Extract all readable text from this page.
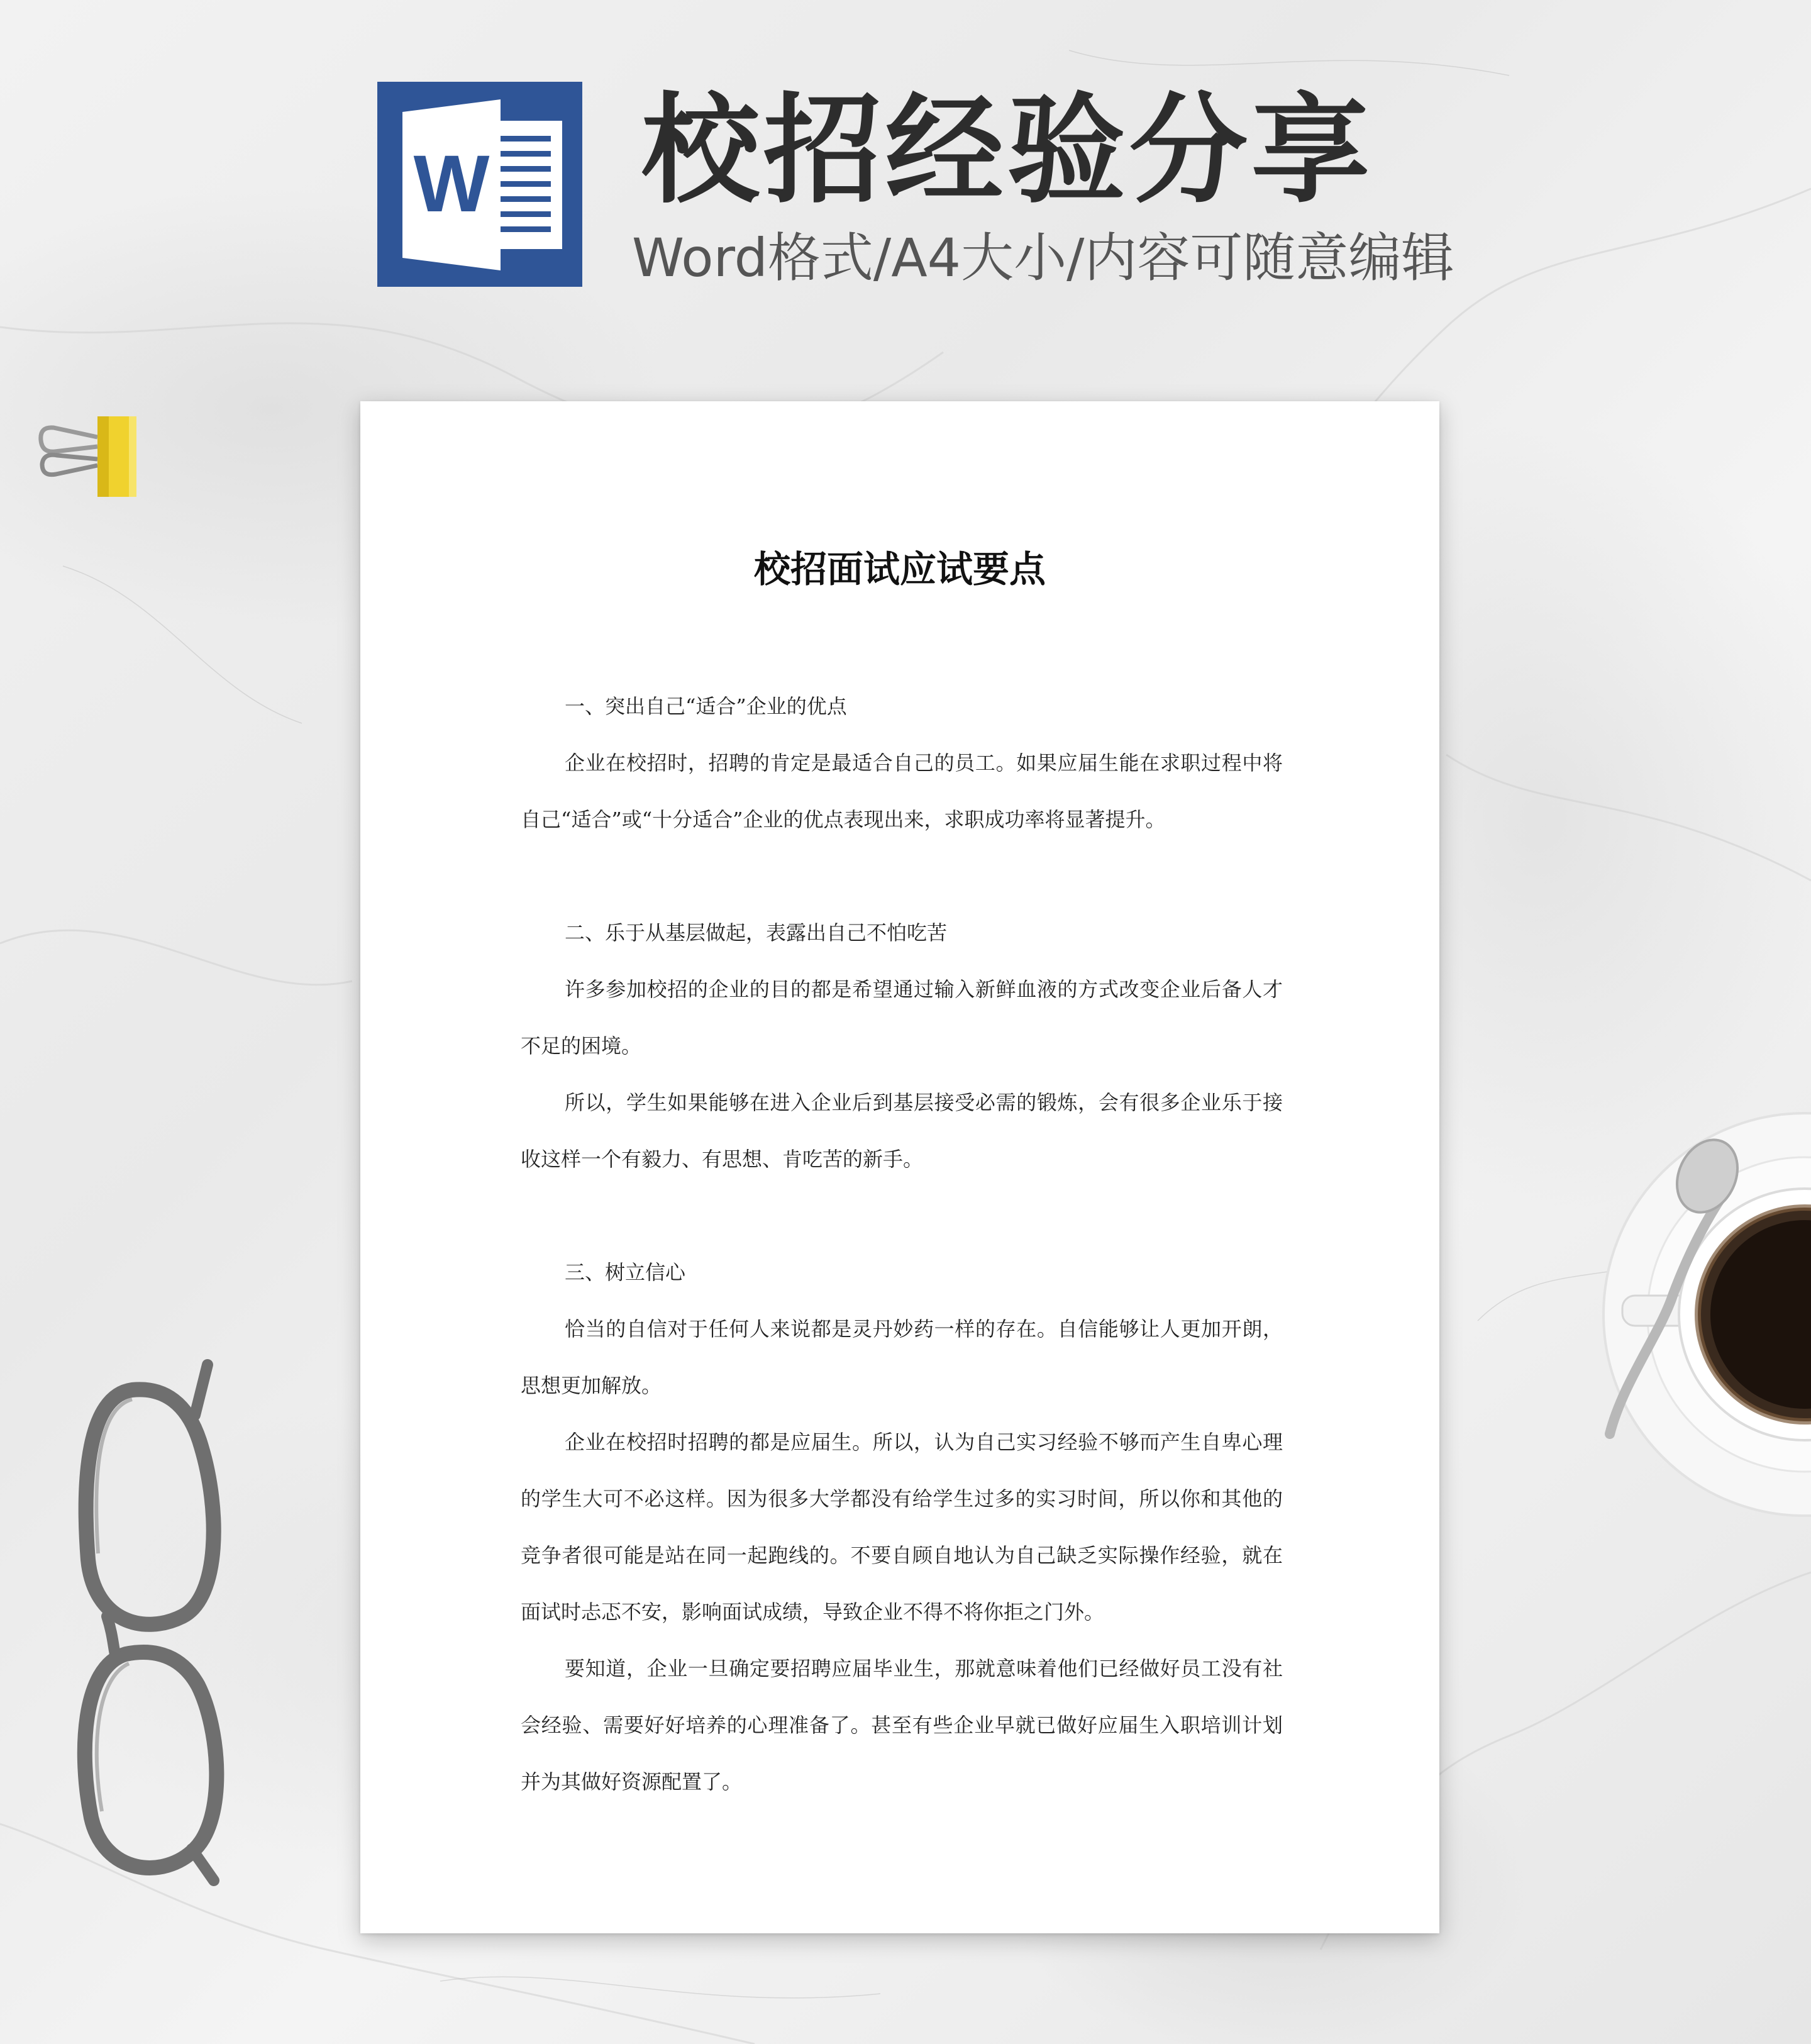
W 校招经验分享

Word格式/A4大小/内容可随意编辑

校招面试应试要点

一、突出自己“适合”企业的优点

企业在校招时，招聘的肯定是最适合自己的员工。如果应届生能在求职过程中将自己“适合”或“十分适合”企业的优点表现出来，求职成功率将显著提升。

二、乐于从基层做起，表露出自己不怕吃苦

许多参加校招的企业的目的都是希望通过输入新鲜血液的方式改变企业后备人才不足的困境。

所以，学生如果能够在进入企业后到基层接受必需的锻炼，会有很多企业乐于接收这样一个有毅力、有思想、肯吃苦的新手。

三、树立信心

恰当的自信对于任何人来说都是灵丹妙药一样的存在。自信能够让人更加开朗，思想更加解放。

企业在校招时招聘的都是应届生。所以，认为自己实习经验不够而产生自卑心理的学生大可不必这样。因为很多大学都没有给学生过多的实习时间，所以你和其他的竞争者很可能是站在同一起跑线的。不要自顾自地认为自己缺乏实际操作经验，就在面试时忐忑不安，影响面试成绩，导致企业不得不将你拒之门外。

要知道，企业一旦确定要招聘应届毕业生，那就意味着他们已经做好员工没有社会经验、需要好好培养的心理准备了。甚至有些企业早就已做好应届生入职培训计划并为其做好资源配置了。
